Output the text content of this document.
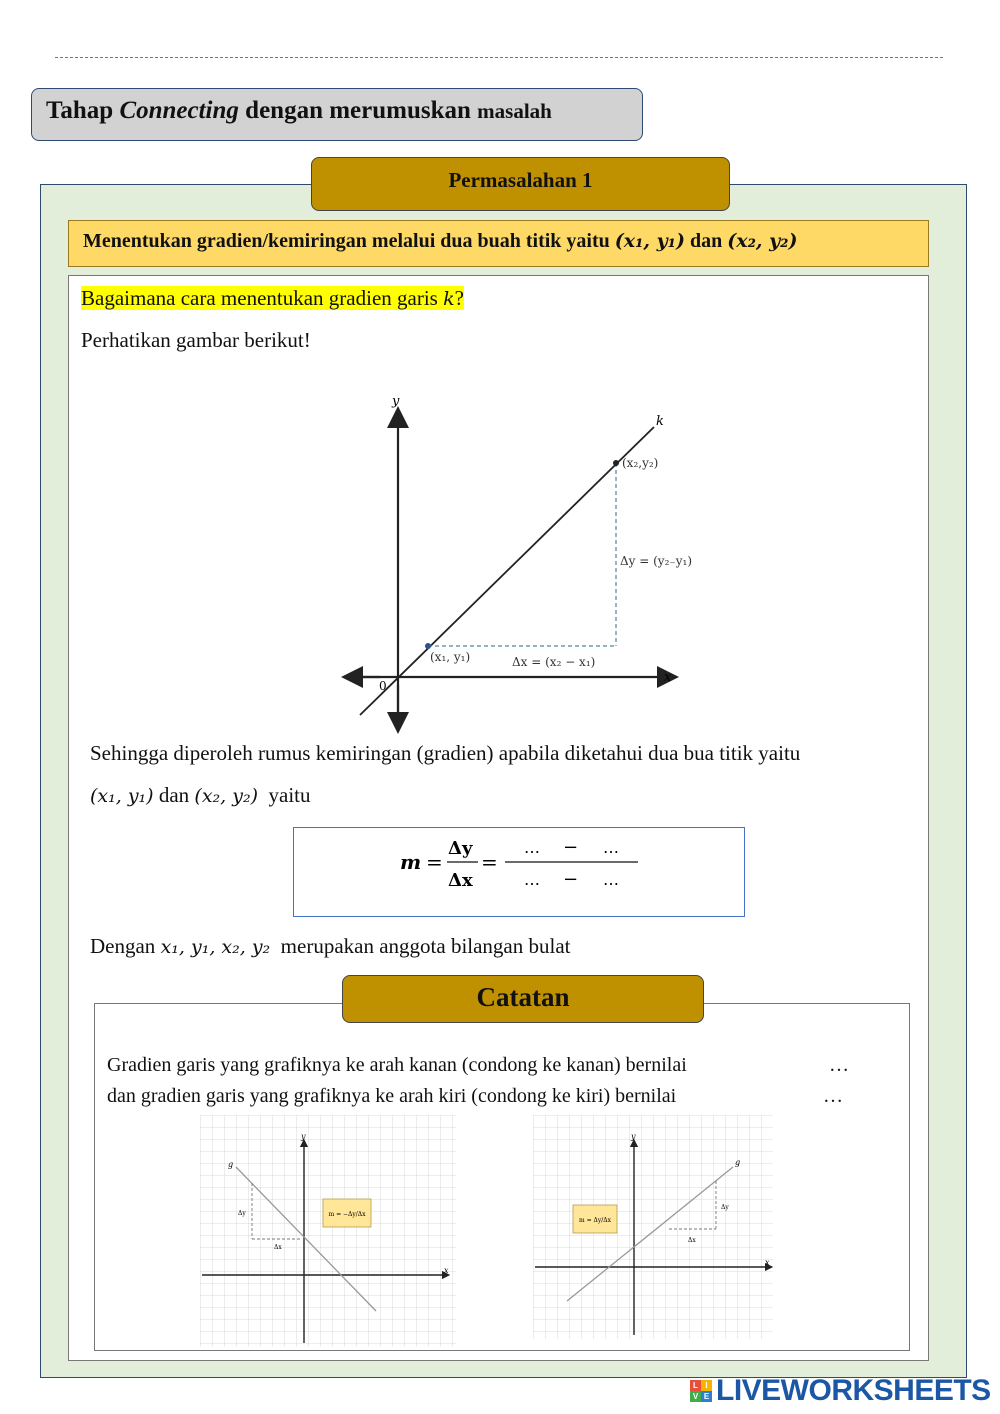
Tahap Connecting dengan merumuskan masalah
Permasalahan 1
Menentukan gradien/kemiringan melalui dua buah titik yaitu (𝒙₁, 𝒚₁) dan (𝒙₂, 𝒚₂)
Bagaimana cara menentukan gradien garis k?
Perhatikan gambar berikut!
y
x
0
k
(x₂,y₂)
(x₁, y₁)
Δy = (y₂₋y₁)
Δx = (x₂ − x₁)
Sehingga diperoleh rumus kemiringan (gradien) apabila diketahui dua bua titik yaitu
(x₁, y₁) dan (x₂, y₂) yaitu
m =
Δy
Δx
=
… − …
… − …
Dengan x₁, y₁, x₂, y₂ merupakan anggota bilangan bulat
Catatan
Gradien garis yang grafiknya ke arah kanan (condong ke kanan) bernilai	…
dan gradien garis yang grafiknya ke arah kiri (condong ke kiri) bernilai	…
m = −Δy/Δx
y
x
g
Δy
Δx
m = Δy/Δx
y
x
g
Δy
Δx
L I
V E LIVEWORKSHEETS
